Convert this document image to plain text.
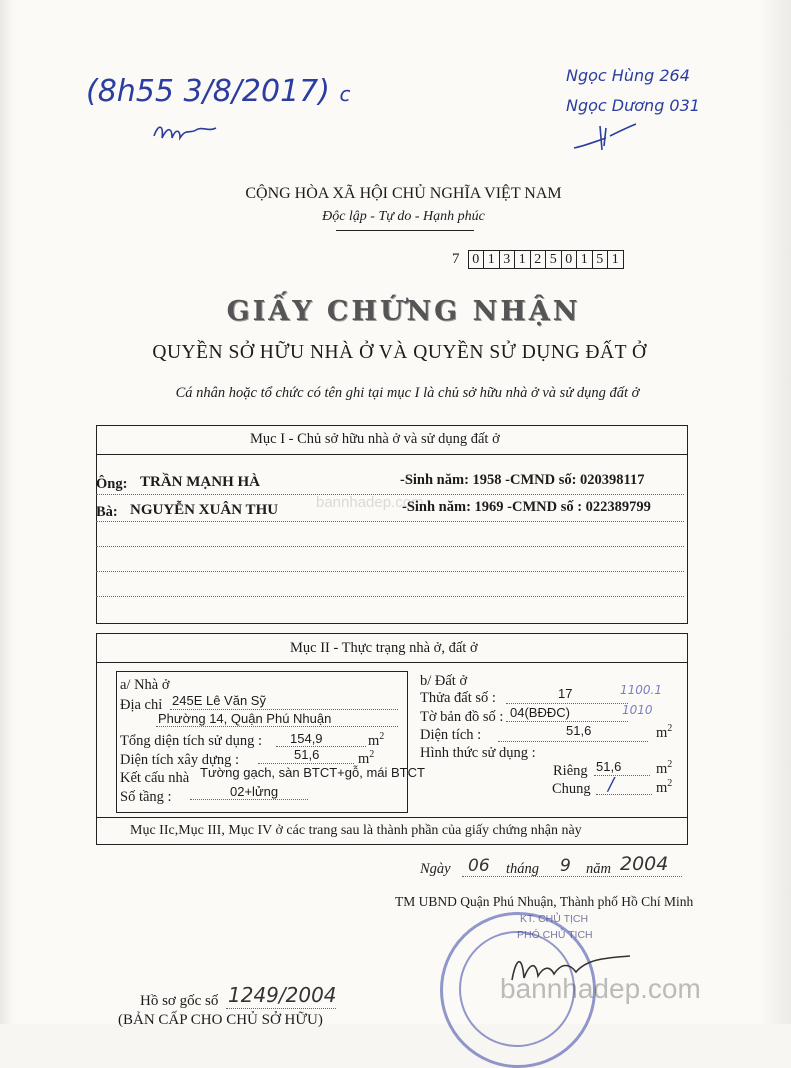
(8h55 3/8/2017) c
Ngọc Hùng 264
Ngọc Dương 031
CỘNG HÒA XÃ HỘI CHỦ NGHĨA VIỆT NAM
Độc lập - Tự do - Hạnh phúc
7 0 1 3 1 2 5 0 1 5 1
GIẤY CHỨNG NHẬN
QUYỀN SỞ HỮU NHÀ Ở VÀ QUYỀN SỬ DỤNG ĐẤT Ở
Cá nhân hoặc tổ chức có tên ghi tại mục I là chủ sở hữu nhà ở và sử dụng đất ở
Mục I - Chủ sở hữu nhà ở và sử dụng đất ở
Ông: TRẦN MẠNH HÀ	-Sinh năm: 1958 -CMND số: 020398117
Bà: NGUYỄN XUÂN THU	-Sinh năm: 1969 -CMND số : 022389799
Mục II - Thực trạng nhà ở, đất ở
Mục IIc,Mục III, Mục IV ở các trang sau là thành phần của giấy chứng nhận này
a/ Nhà ở
Địa chỉ 245E Lê Văn Sỹ
Phường 14, Quận Phú Nhuận
Tổng diện tích sử dụng : 154,9	$m^2$
Diện tích xây dựng :	51,6	$m^2$
Kết cấu nhà Tường gạch, sàn BTCT+gỗ, mái BTCT
Số tầng :	02+lửng
b/ Đất ở
Thửa đất số :	17	1100.1
Tờ bản đồ số : 04(BĐĐC)	1010
Diện tích :	51,6	$m^2$
Hình thức sử dụng :
Riêng 51,6 $m^2$
Chung /	$m^2$
Ngày 06 tháng 9 năm 2004
TM UBND Quận Phú Nhuận, Thành phố Hồ Chí Minh
KT. CHỦ TỊCH
PHÓ CHỦ TỊCH
Hồ sơ gốc số 1249/2004
(BẢN CẤP CHO CHỦ SỞ HỮU)
bannhadep.com
bannhadep.com
